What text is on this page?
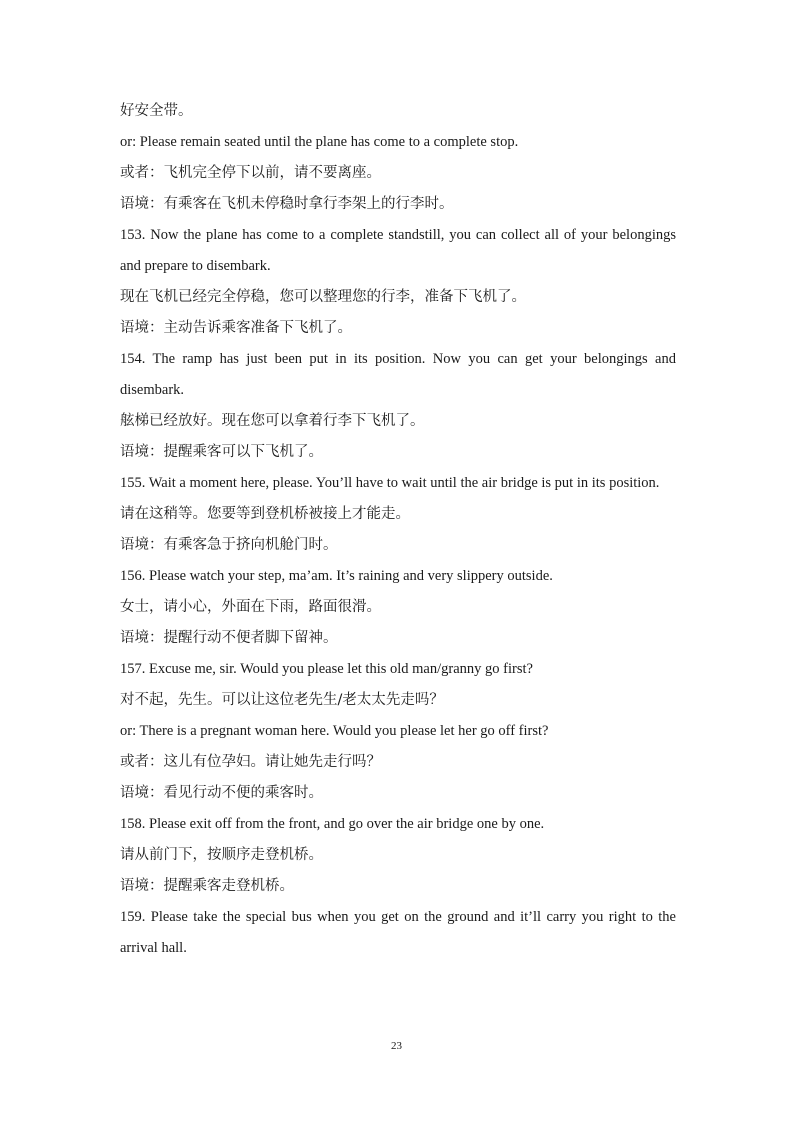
好安全带。

or: Please remain seated until the plane has come to a complete stop.

或者：飞机完全停下以前，请不要离座。

语境：有乘客在飞机未停稳时拿行李架上的行李时。

153. Now the plane has come to a complete standstill, you can collect all of your belongings and prepare to disembark.

现在飞机已经完全停稳，您可以整理您的行李，准备下飞机了。

语境：主动告诉乘客准备下飞机了。

154. The ramp has just been put in its position. Now you can get your belongings and disembark.

舷梯已经放好。现在您可以拿着行李下飞机了。

语境：提醒乘客可以下飞机了。

155. Wait a moment here, please. You’ll have to wait until the air bridge is put in its position.

请在这稍等。您要等到登机桥被接上才能走。

语境：有乘客急于挤向机舱门时。

156. Please watch your step, ma’am. It’s raining and very slippery outside.

女士，请小心，外面在下雨，路面很滑。

语境：提醒行动不便者脚下留神。

157. Excuse me, sir. Would you please let this old man/granny go first?

对不起，先生。可以让这位老先生/老太太先走吗？

or: There is a pregnant woman here. Would you please let her go off first?

或者：这儿有位孕妇。请让她先走行吗？

语境：看见行动不便的乘客时。

158. Please exit off from the front, and go over the air bridge one by one.

请从前门下，按顺序走登机桥。

语境：提醒乘客走登机桥。

159. Please take the special bus when you get on the ground and it’ll carry you right to the arrival hall.

23
